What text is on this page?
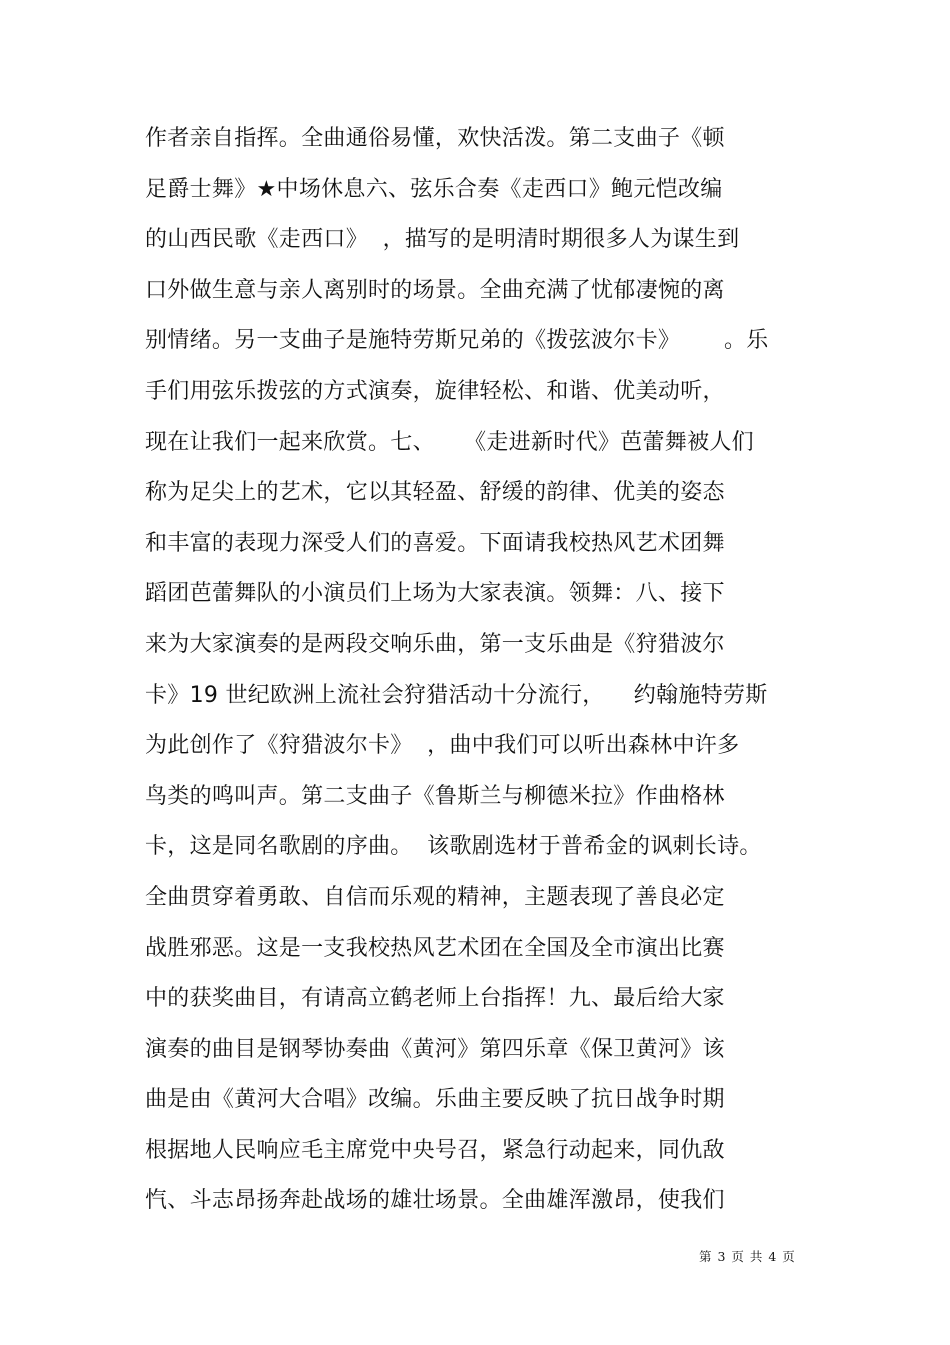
作者亲自指挥。全曲通俗易懂，欢快活泼。第二支曲子《顿
足爵士舞》★中场休息六、弦乐合奏《走西口》鲍元恺改编
的山西民歌《走西口》  ，描写的是明清时期很多人为谋生到
口外做生意与亲人离别时的场景。全曲充满了忧郁凄惋的离
别情绪。另一支曲子是施特劳斯兄弟的《拨弦波尔卡》      。乐
手们用弦乐拨弦的方式演奏，旋律轻松、和谐、优美动听，
现在让我们一起来欣赏。七、    《走进新时代》芭蕾舞被人们
称为足尖上的艺术，它以其轻盈、舒缓的韵律、优美的姿态
和丰富的表现力深受人们的喜爱。下面请我校热风艺术团舞
蹈团芭蕾舞队的小演员们上场为大家表演。领舞：八、接下
来为大家演奏的是两段交响乐曲，第一支乐曲是《狩猎波尔
卡》19 世纪欧洲上流社会狩猎活动十分流行，    约翰施特劳斯
为此创作了《狩猎波尔卡》  ，曲中我们可以听出森林中许多
鸟类的鸣叫声。第二支曲子《鲁斯兰与柳德米拉》作曲格林
卡，这是同名歌剧的序曲。  该歌剧选材于普希金的讽刺长诗。
全曲贯穿着勇敢、自信而乐观的精神，主题表现了善良必定
战胜邪恶。这是一支我校热风艺术团在全国及全市演出比赛
中的获奖曲目，有请高立鹤老师上台指挥！九、最后给大家
演奏的曲目是钢琴协奏曲《黄河》第四乐章《保卫黄河》该
曲是由《黄河大合唱》改编。乐曲主要反映了抗日战争时期
根据地人民响应毛主席党中央号召，紧急行动起来，同仇敌
忾、斗志昂扬奔赴战场的雄壮场景。全曲雄浑激昂，使我们
第 3 页 共 4 页
